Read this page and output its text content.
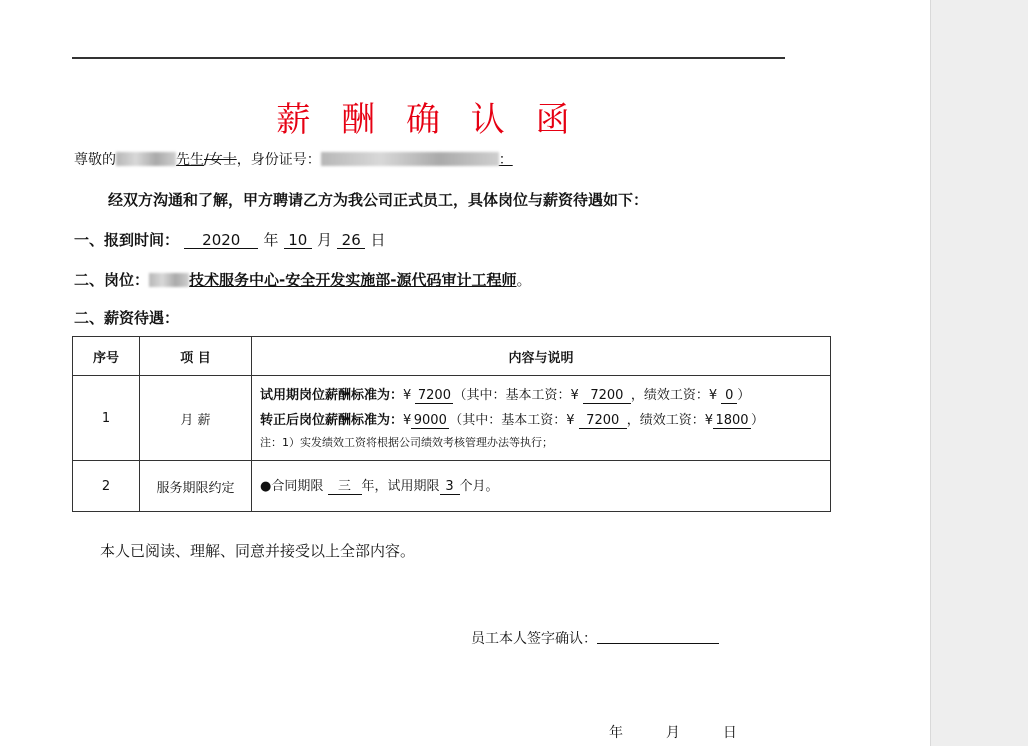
薪 酬 确 认 函
尊敬的	先生/女士，身份证号：	：
经双方沟通和了解，甲方聘请乙方为我公司正式员工，具体岗位与薪资待遇如下：
一、报到时间： 2020 年 10 月 26 日
二、岗位：	技术服务中心-安全开发实施部-源代码审计工程师。
二、薪资待遇：
序号	项 目	内容与说明
1	月 薪	试用期岗位薪酬标准为：¥ 7200 （其中：基本工资：¥ 7200 ，绩效工资：¥ 0 ）
转正后岗位薪酬标准为：¥ 9000 （其中：基本工资：¥ 7200 ，绩效工资：¥ 1800 ）
注：1）实发绩效工资将根据公司绩效考核管理办法等执行；

2	服务期限约定	●合同期限 三 年，试用期限 3 个月。
本人已阅读、理解、同意并接受以上全部内容。
员工本人签字确认：
年	月	日
